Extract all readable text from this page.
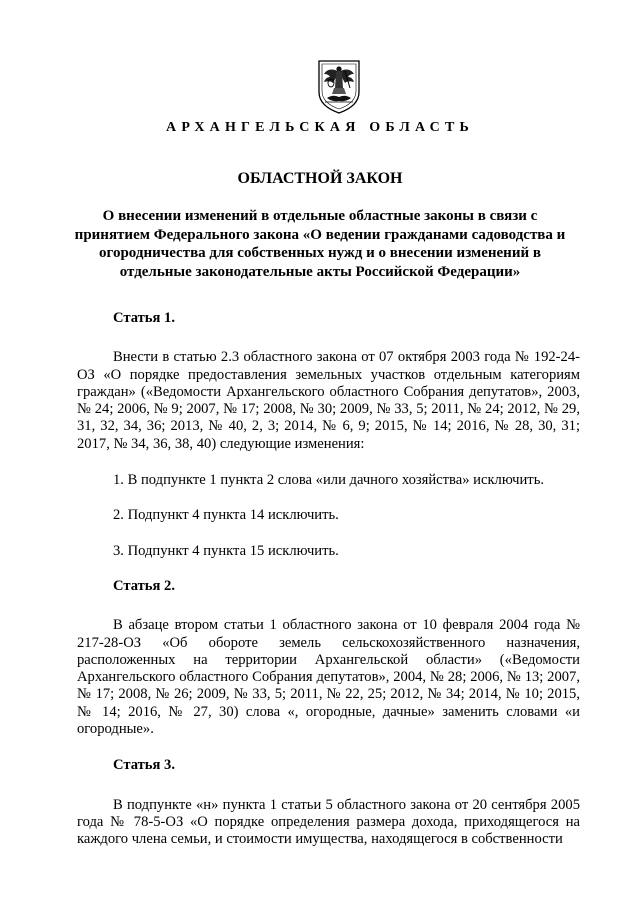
АРХАНГЕЛЬСКАЯ ОБЛАСТЬ
ОБЛАСТНОЙ ЗАКОН
О внесении изменений в отдельные областные законы в связи с принятием Федерального закона «О ведении гражданами садоводства и огородничества для собственных нужд и о внесении изменений в отдельные законодательные акты Российской Федерации»

Статья 1.

Внести в статью 2.3 областного закона от 07 октября 2003 года № 192-24-ОЗ «О порядке предоставления земельных участков отдельным категориям граждан» («Ведомости Архангельского областного Собрания депутатов», 2003, № 24; 2006, № 9; 2007, № 17; 2008, № 30; 2009, № 33, 5; 2011, № 24; 2012, № 29, 31, 32, 34, 36; 2013, № 40, 2, 3; 2014, № 6, 9; 2015, № 14; 2016, № 28, 30, 31; 2017, № 34, 36, 38, 40) следующие изменения:

1. В подпункте 1 пункта 2 слова «или дачного хозяйства» исключить.

2. Подпункт 4 пункта 14 исключить.

3. Подпункт 4 пункта 15 исключить.

Статья 2.

В абзаце втором статьи 1 областного закона от 10 февраля 2004 года № 217-28-ОЗ «Об обороте земель сельскохозяйственного назначения, расположенных на территории Архангельской области» («Ведомости Архангельского областного Собрания депутатов», 2004, № 28; 2006, № 13; 2007, № 17; 2008, № 26; 2009, № 33, 5; 2011, № 22, 25; 2012, № 34; 2014, № 10; 2015, № 14; 2016, № 27, 30) слова «, огородные, дачные» заменить словами «и огородные».

Статья 3.

В подпункте «н» пункта 1 статьи 5 областного закона от 20 сентября 2005 года № 78-5-ОЗ «О порядке определения размера дохода, приходящегося на каждого члена семьи, и стоимости имущества, находящегося в собственности
